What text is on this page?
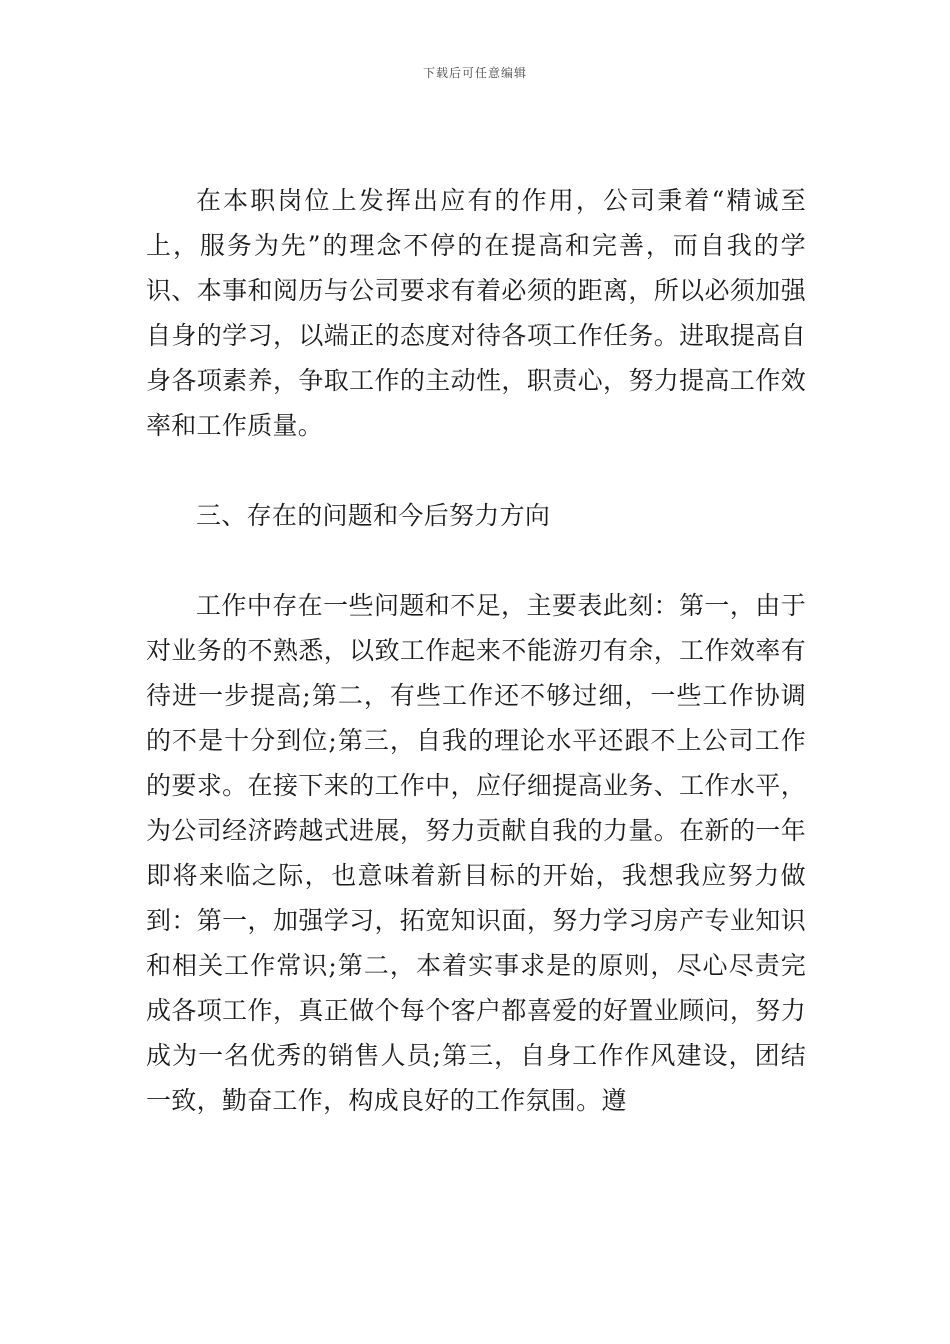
下载后可任意编辑

在本职岗位上发挥出应有的作用，公司秉着“精诚至上，服务为先”的理念不停的在提高和完善，而自我的学识、本事和阅历与公司要求有着必须的距离，所以必须加强自身的学习，以端正的态度对待各项工作任务。进取提高自身各项素养，争取工作的主动性，职责心，努力提高工作效率和工作质量。

三、存在的问题和今后努力方向

工作中存在一些问题和不足，主要表此刻：第一，由于对业务的不熟悉，以致工作起来不能游刃有余，工作效率有待进一步提高;第二，有些工作还不够过细，一些工作协调的不是十分到位;第三，自我的理论水平还跟不上公司工作的要求。在接下来的工作中，应仔细提高业务、工作水平，为公司经济跨越式进展，努力贡献自我的力量。在新的一年即将来临之际，也意味着新目标的开始，我想我应努力做到：第一，加强学习，拓宽知识面，努力学习房产专业知识和相关工作常识;第二，本着实事求是的原则，尽心尽责完成各项工作，真正做个每个客户都喜爱的好置业顾问，努力成为一名优秀的销售人员;第三，自身工作作风建设，团结一致，勤奋工作，构成良好的工作氛围。遵
